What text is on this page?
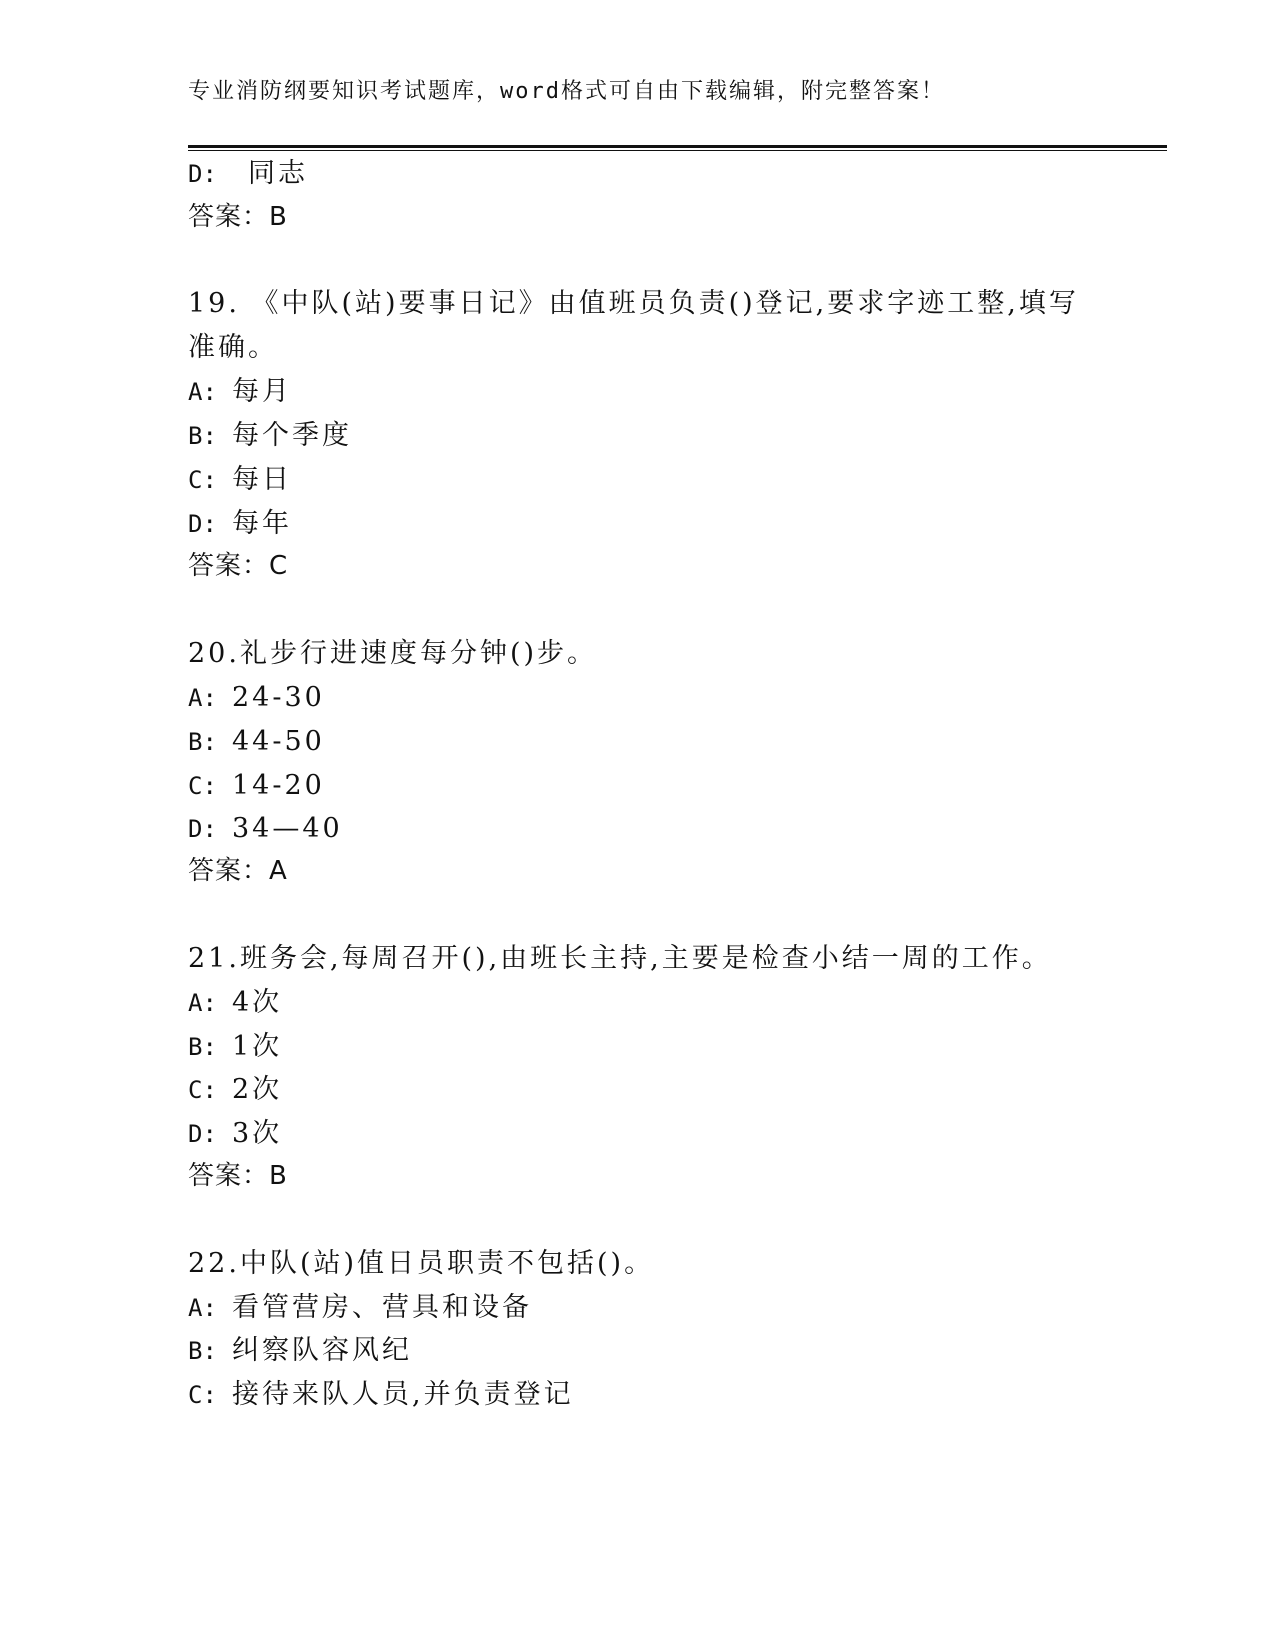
专业消防纲要知识考试题库，word格式可自由下载编辑，附完整答案！
D: 同志
答案：B
19. 《中队(站)要事日记》由值班员负责()登记,要求字迹工整,填写
准确。
A: 每月
B: 每个季度
C: 每日
D: 每年
答案：C
20.礼步行进速度每分钟()步。
A: 24-30
B: 44-50
C: 14-20
D: 34—40
答案：A
21.班务会,每周召开(),由班长主持,主要是检查小结一周的工作。
A: 4次
B: 1次
C: 2次
D: 3次
答案：B
22.中队(站)值日员职责不包括()。
A: 看管营房、营具和设备
B: 纠察队容风纪
C: 接待来队人员,并负责登记
